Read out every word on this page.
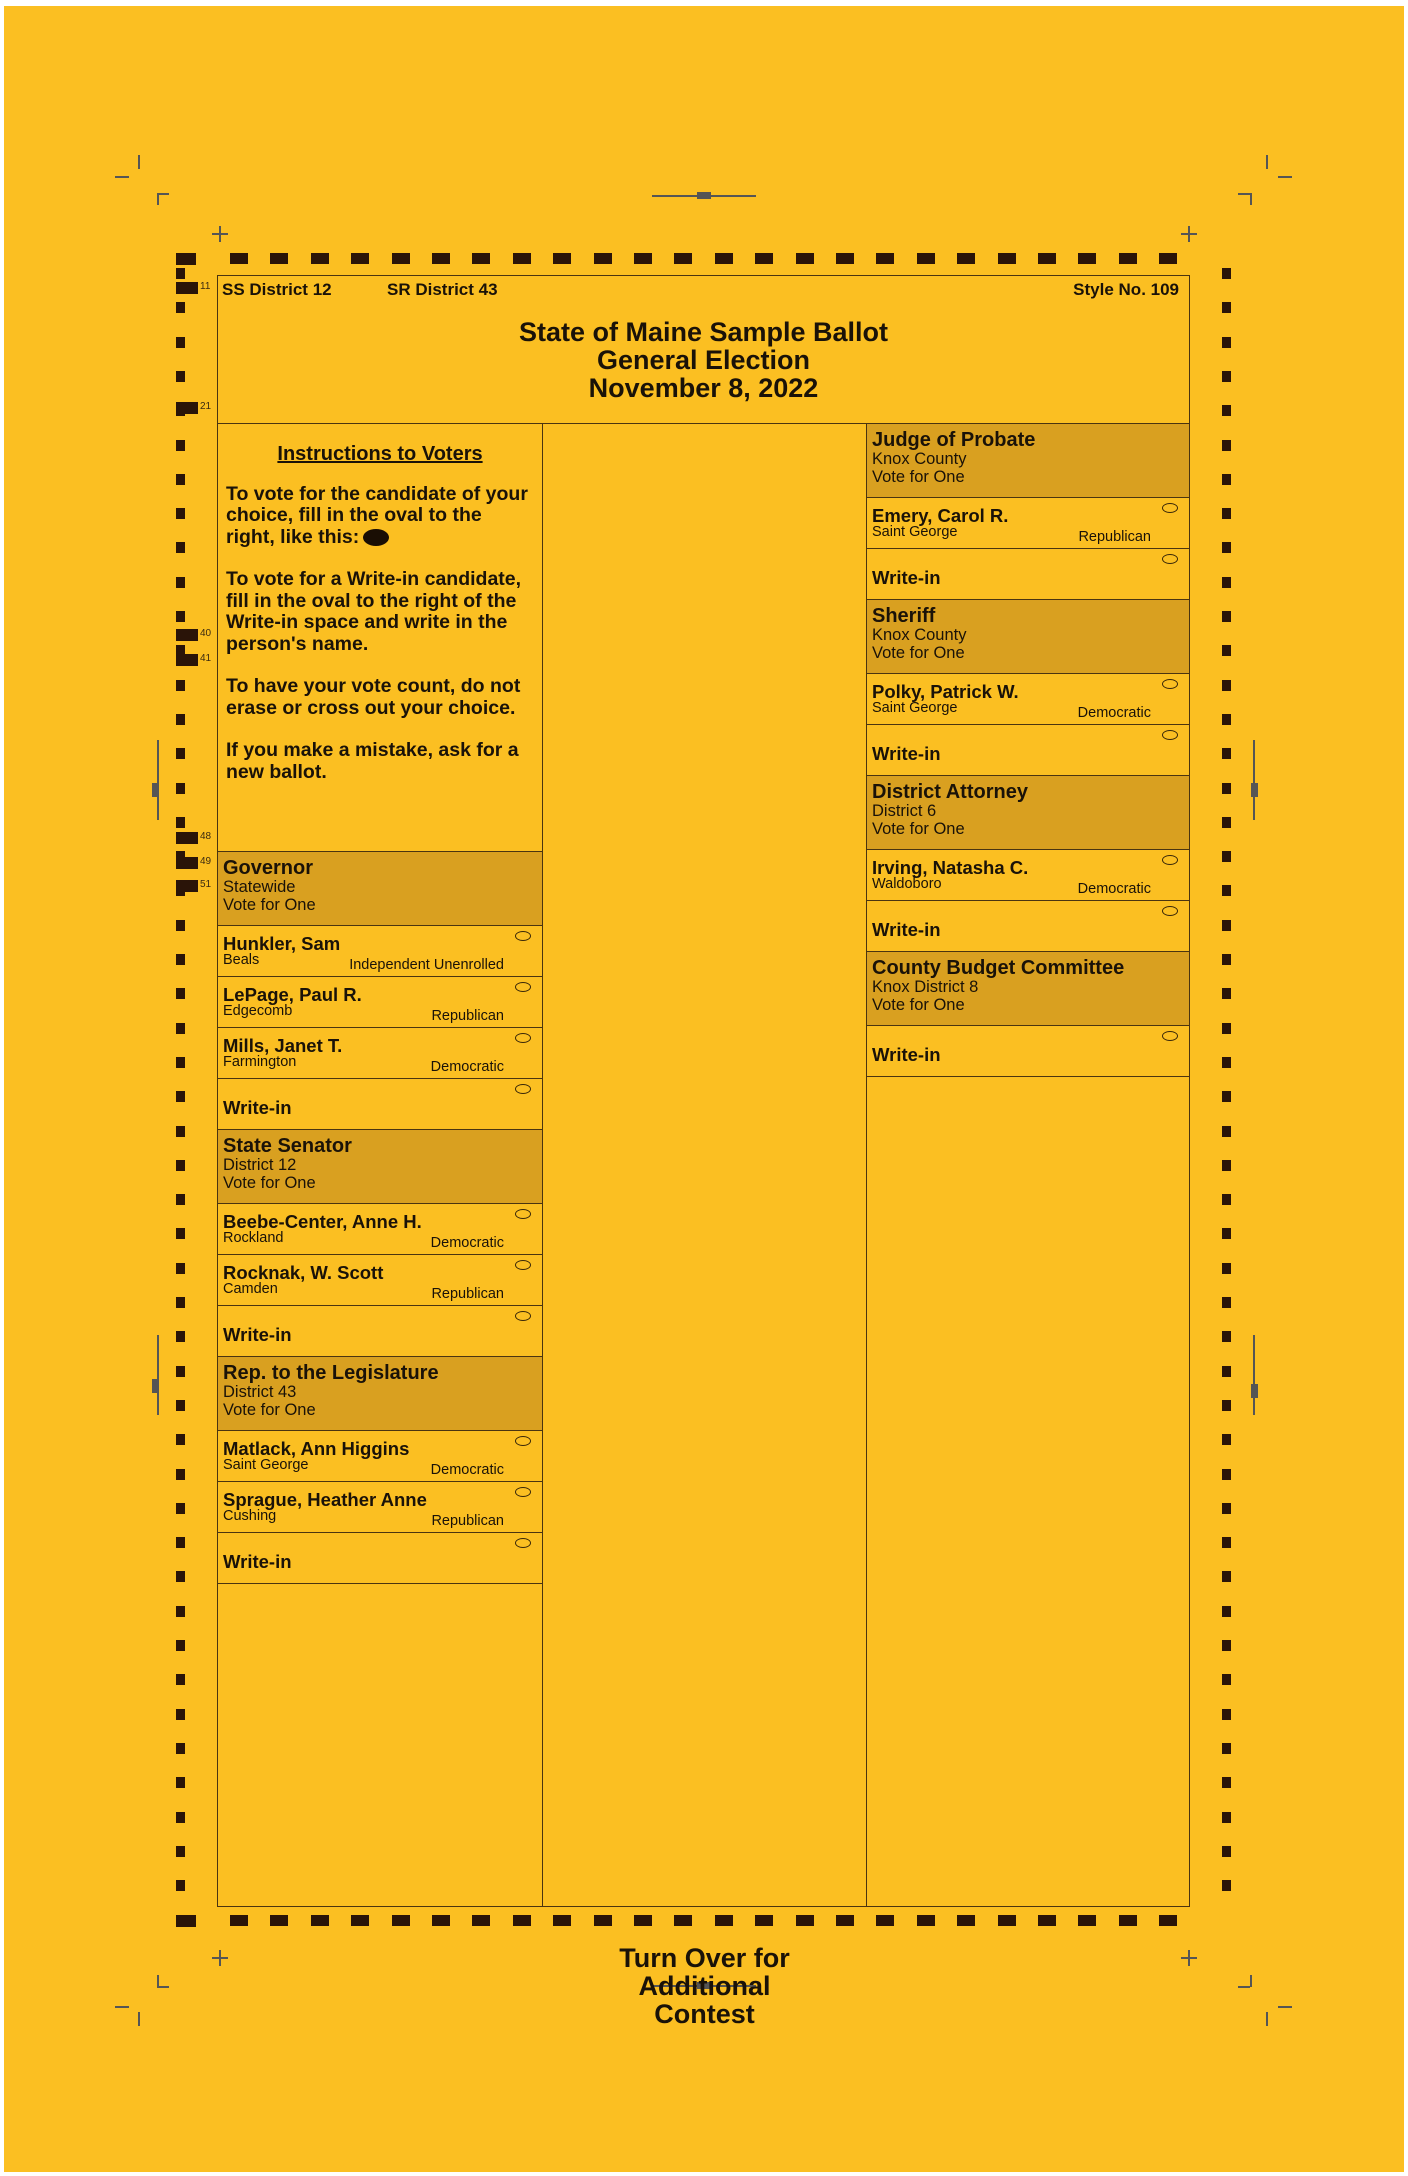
11
21
40
41
48
49
51
SS District 12	SR District 43	Style No. 109
State of Maine Sample Ballot
General Election
November 8, 2022
Instructions to Voters

To vote for the candidate of your choice, fill in the oval to the right, like this:

To vote for a Write-in candidate, fill in the oval to the right of the Write-in space and write in the person's name.

To have your vote count, do not erase or cross out your choice.

If you make a mistake, ask for a new ballot.

Governor
Statewide
Vote for One
Hunkler, Sam
Beals	Independent Unenrolled
LePage, Paul R.
Edgecomb	Republican
Mills, Janet T.
Farmington	Democratic
Write-in
State Senator
District 12
Vote for One
Beebe-Center, Anne H.
Rockland	Democratic
Rocknak, W. Scott
Camden	Republican
Write-in
Rep. to the Legislature
District 43
Vote for One
Matlack, Ann Higgins
Saint George	Democratic
Sprague, Heather Anne
Cushing	Republican
Write-in
Turn Over for
Additional
Contest
Judge of Probate
Knox County
Vote for One
Emery, Carol R.
Saint George	Republican
Write-in
Sheriff
Knox County
Vote for One
Polky, Patrick W.
Saint George	Democratic
Write-in
District Attorney
District 6
Vote for One
Irving, Natasha C.
Waldoboro	Democratic
Write-in
County Budget Committee
Knox District 8
Vote for One
Write-in
